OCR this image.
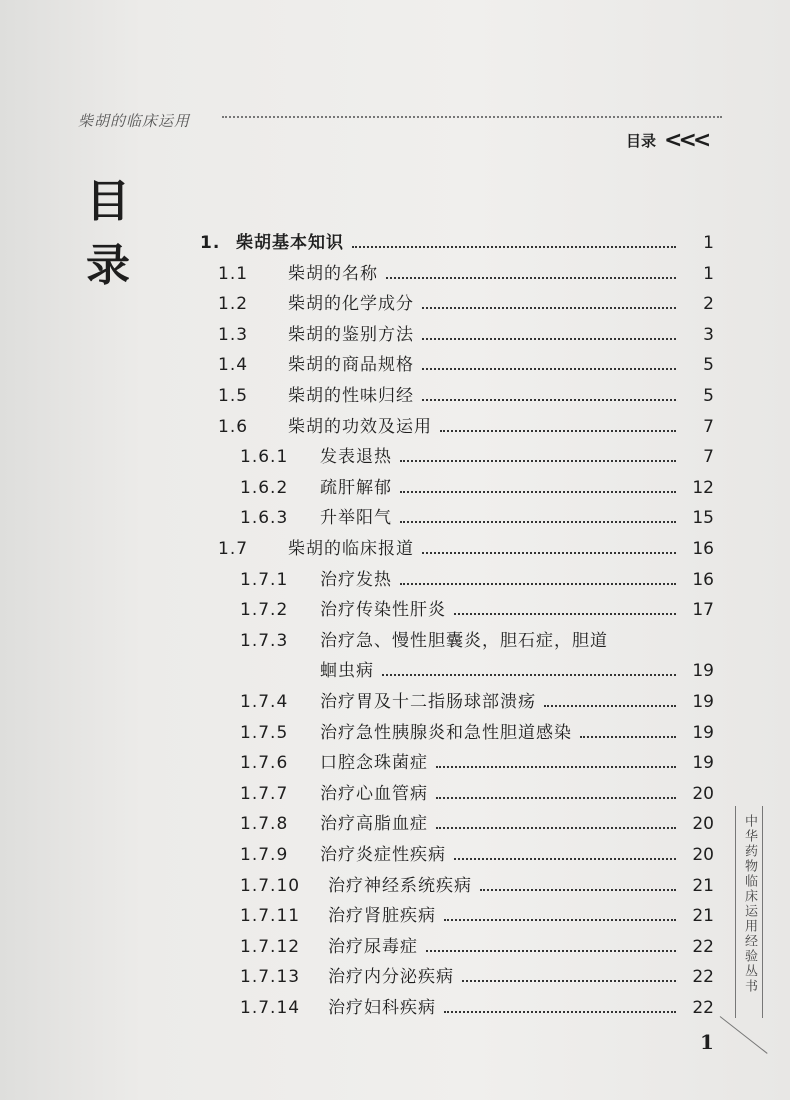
柴胡的临床运用
目录 <<<
目
录	1. 柴胡基本知识	1
1.1	柴胡的名称	1
1.2	柴胡的化学成分	2
1.3	柴胡的鉴别方法	3
1.4	柴胡的商品规格	5
1.5	柴胡的性味归经	5
1.6	柴胡的功效及运用	7
1.6.1	发表退热	7
1.6.2	疏肝解郁	12
1.6.3	升举阳气	15
1.7	柴胡的临床报道	16
1.7.1	治疗发热	16
1.7.2	治疗传染性肝炎	17
1.7.3	治疗急、慢性胆囊炎，胆石症，胆道
蛔虫病	19
1.7.4	治疗胃及十二指肠球部溃疡	19
1.7.5	治疗急性胰腺炎和急性胆道感染	19
1.7.6	口腔念珠菌症	19
1.7.7	治疗心血管病	20
1.7.8	治疗高脂血症	20
1.7.9	治疗炎症性疾病	20
1.7.10	治疗神经系统疾病	21
1.7.11	治疗肾脏疾病	21
1.7.12	治疗尿毒症	22
1.7.13	治疗内分泌疾病	22
1.7.14	治疗妇科疾病	22
中华药物临床运用经验丛书
1
